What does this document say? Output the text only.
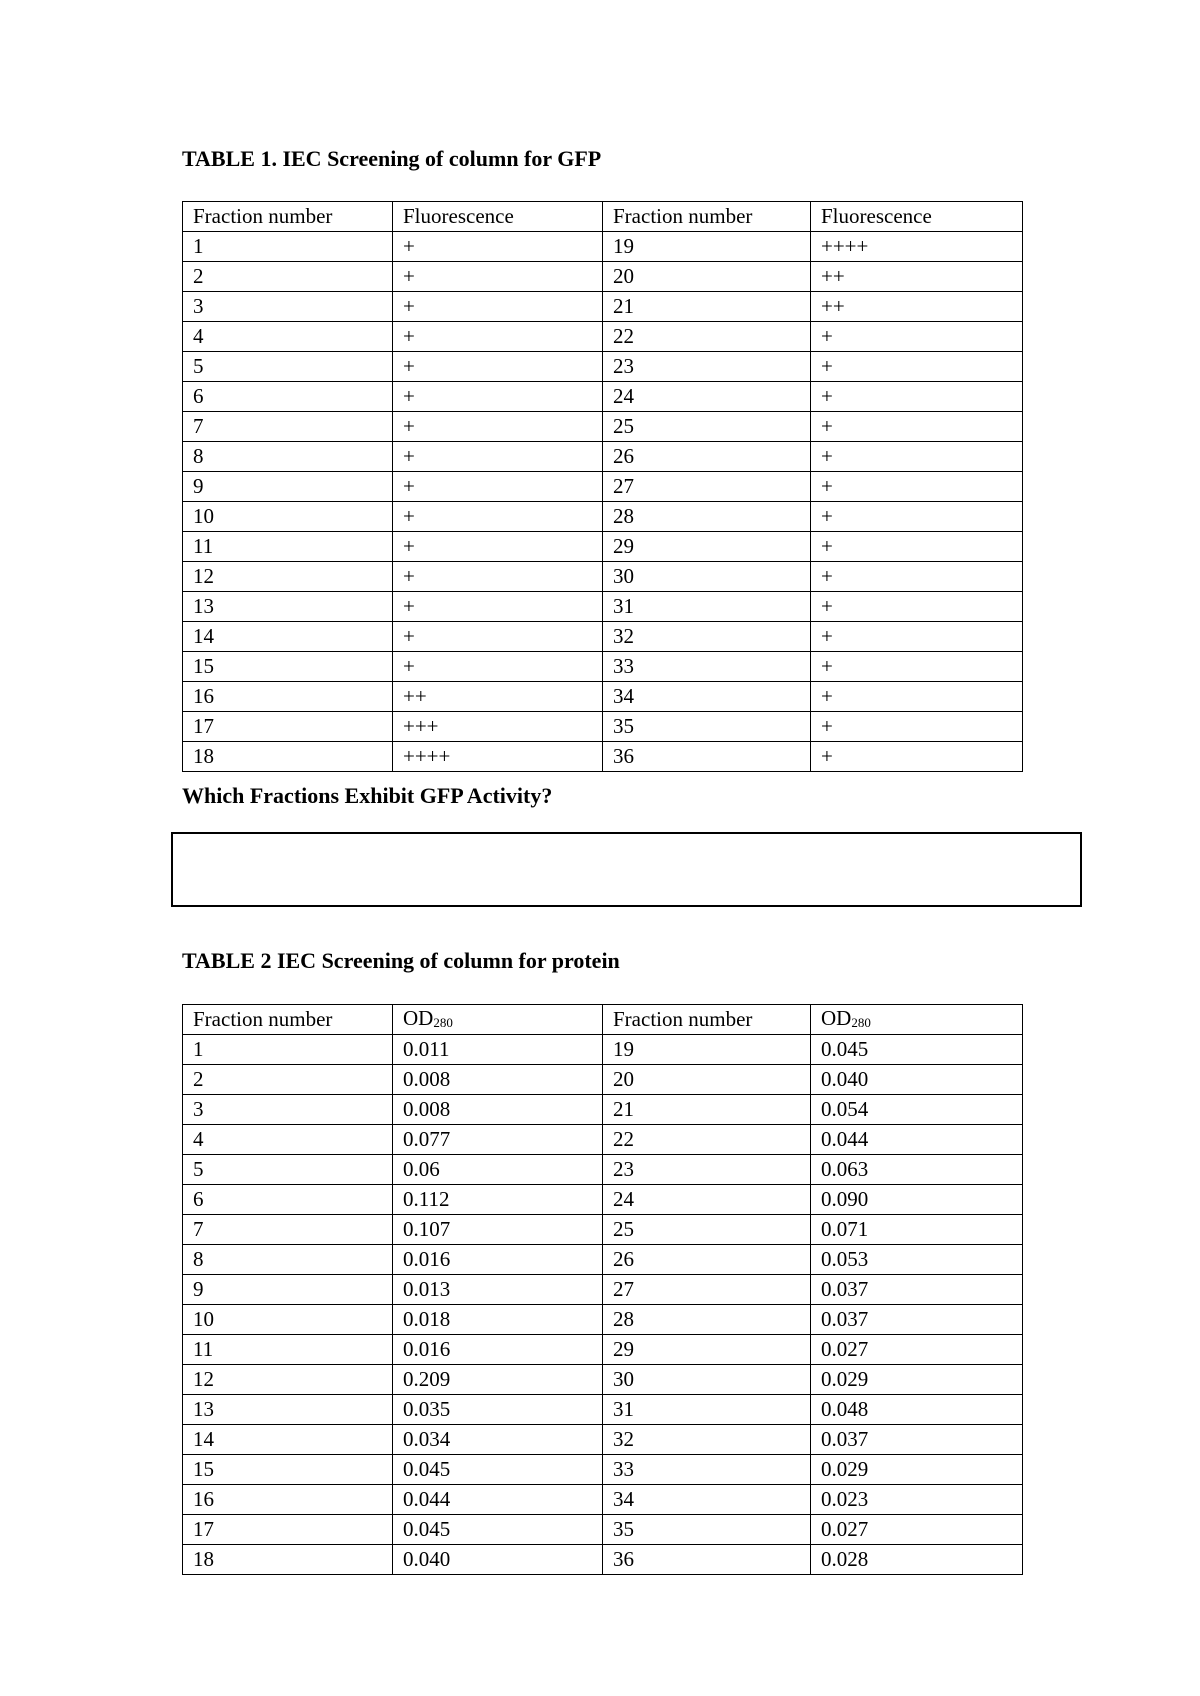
TABLE 1. IEC Screening of column for GFP
Fraction number	Fluorescence	Fraction number	Fluorescence
1	+	19	++++
2	+	20	++
3	+	21	++
4	+	22	+
5	+	23	+
6	+	24	+
7	+	25	+
8	+	26	+
9	+	27	+
10	+	28	+
11	+	29	+
12	+	30	+
13	+	31	+
14	+	32	+
15	+	33	+
16	++	34	+
17	+++	35	+
18	++++	36	+
Which Fractions Exhibit GFP Activity?
TABLE 2 IEC Screening of column for protein
Fraction number	OD280	Fraction number	OD280
1	0.011	19	0.045
2	0.008	20	0.040
3	0.008	21	0.054
4	0.077	22	0.044
5	0.06	23	0.063
6	0.112	24	0.090
7	0.107	25	0.071
8	0.016	26	0.053
9	0.013	27	0.037
10	0.018	28	0.037
11	0.016	29	0.027
12	0.209	30	0.029
13	0.035	31	0.048
14	0.034	32	0.037
15	0.045	33	0.029
16	0.044	34	0.023
17	0.045	35	0.027
18	0.040	36	0.028
